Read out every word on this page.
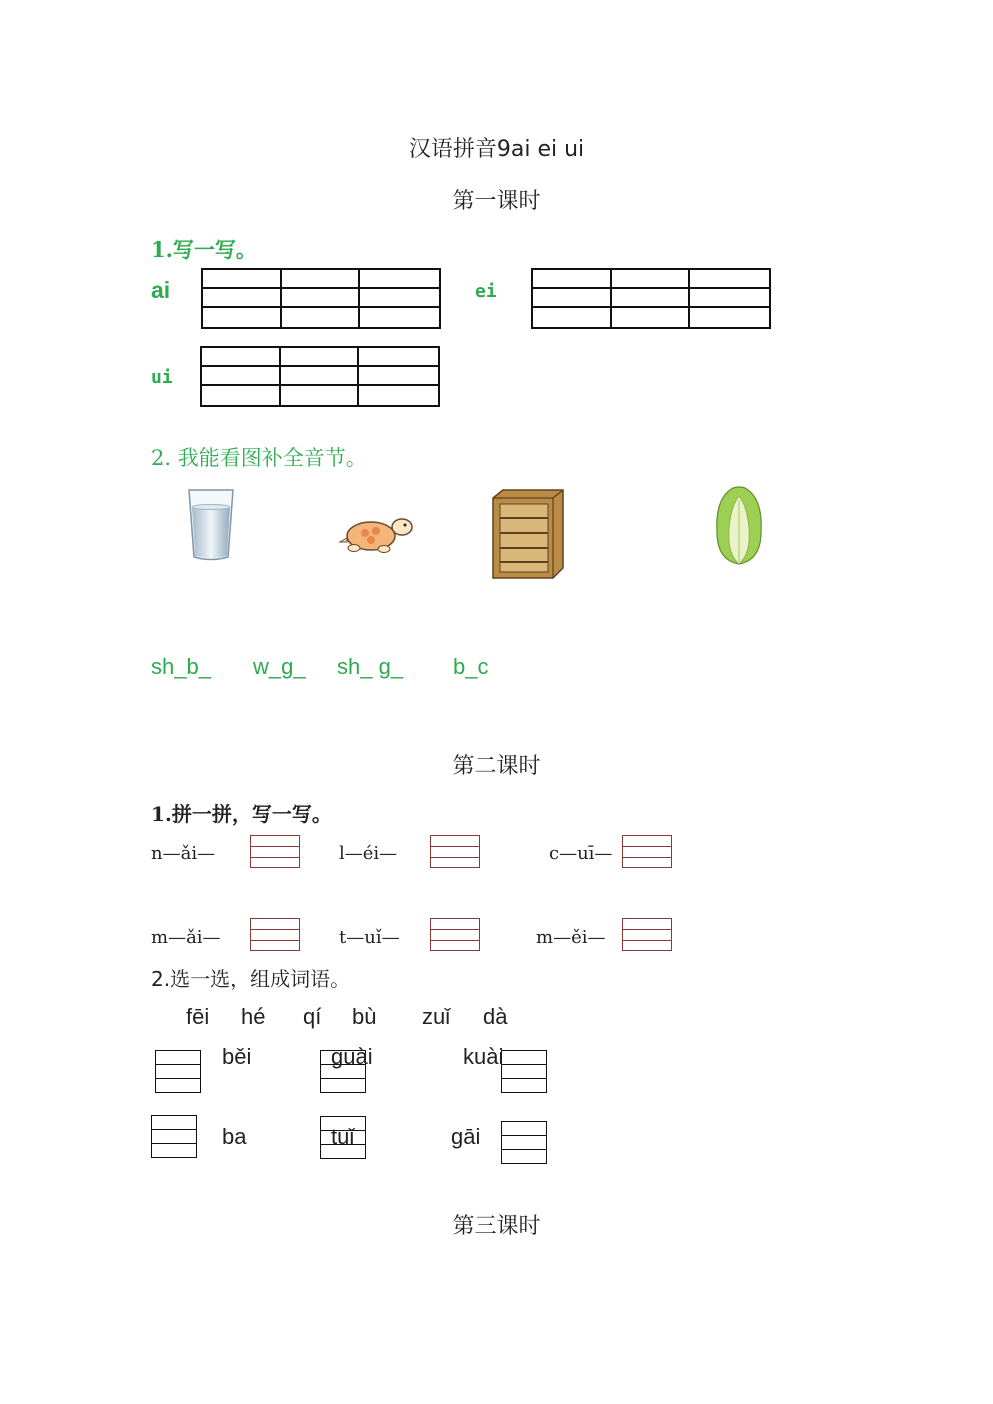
汉语拼音9ai ei ui
第一课时
1.写一写。
ai	ei
ui
2. 我能看图补全音节。
sh_b_ w_g_ sh_ g_ b_c
第二课时
1.拼一拼，写一写。
n—ǎi—	l—éi—	c—uī—
m—ǎi—	t—uǐ—	m—ěi—
2.选一选，组成词语。
fēi hé qí bù zuǐ dà
běi	guài	kuài
ba	tuǐ	gāi
第三课时
